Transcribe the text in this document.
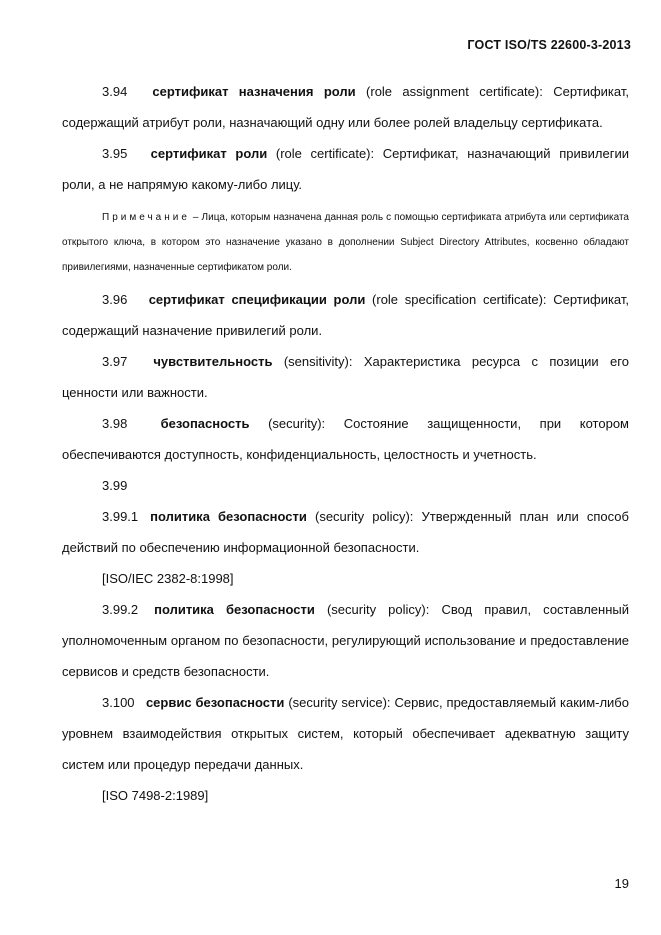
ГОСТ ISO/TS 22600-3-2013

3.94 сертификат назначения роли (role assignment certificate): Сертификат, содержащий атрибут роли, назначающий одну или более ролей владельцу сертификата.

3.95 сертификат роли (role certificate): Сертификат, назначающий привилегии роли, а не напрямую какому-либо лицу.

Примечание – Лица, которым назначена данная роль с помощью сертификата атрибута или сертификата открытого ключа, в котором это назначение указано в дополнении Subject Directory Attributes, косвенно обладают привилегиями, назначенные сертификатом роли.

3.96 сертификат спецификации роли (role specification certificate): Сертификат, содержащий назначение привилегий роли.

3.97 чувствительность (sensitivity): Характеристика ресурса с позиции его ценности или важности.

3.98	безопасность (security): Состояние защищенности, при котором обеспечиваются доступность, конфиденциальность, целостность и учетность.

3.99

3.99.1 политика безопасности (security policy): Утвержденный план или способ действий по обеспечению информационной безопасности.

[ISO/IEC 2382-8:1998]

3.99.2 политика безопасности (security policy): Свод правил, составленный уполномоченным органом по безопасности, регулирующий использование и предоставление сервисов и средств безопасности.

3.100 сервис безопасности (security service): Сервис, предоставляемый каким-либо уровнем взаимодействия открытых систем, который обеспечивает адекватную защиту систем или процедур передачи данных.

[ISO 7498-2:1989]

19
